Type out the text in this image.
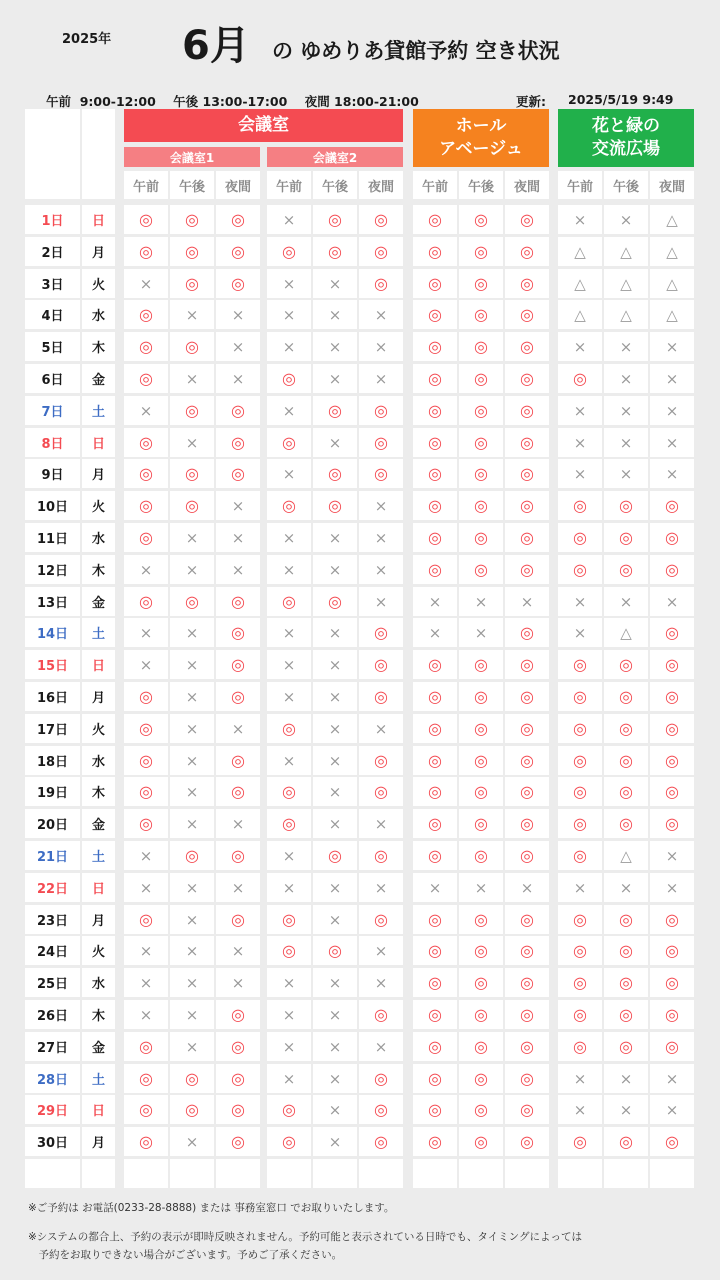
2025年 6月 の ゆめりあ貸館予約 空き状況
午前  9:00-12:00    午後 13:00-17:00    夜間 18:00-21:00	更新: 2025/5/19 9:49
会議室
会議室1	会議室2
ホール
アベージュ
花と緑の
交流広場
午前	午後	夜間	午前	午後	夜間	午前	午後	夜間	午前	午後	夜間
1日	日	◎	◎	◎	×	◎	◎	◎	◎	◎	×	×	△
2日	月	◎	◎	◎	◎	◎	◎	◎	◎	◎	△	△	△
3日	火	×	◎	◎	×	×	◎	◎	◎	◎	△	△	△
4日	水	◎	×	×	×	×	×	◎	◎	◎	△	△	△
5日	木	◎	◎	×	×	×	×	◎	◎	◎	×	×	×
6日	金	◎	×	×	◎	×	×	◎	◎	◎	◎	×	×
7日	土	×	◎	◎	×	◎	◎	◎	◎	◎	×	×	×
8日	日	◎	×	◎	◎	×	◎	◎	◎	◎	×	×	×
9日	月	◎	◎	◎	×	◎	◎	◎	◎	◎	×	×	×
10日	火	◎	◎	×	◎	◎	×	◎	◎	◎	◎	◎	◎
11日	水	◎	×	×	×	×	×	◎	◎	◎	◎	◎	◎
12日	木	×	×	×	×	×	×	◎	◎	◎	◎	◎	◎
13日	金	◎	◎	◎	◎	◎	×	×	×	×	×	×	×
14日	土	×	×	◎	×	×	◎	×	×	◎	×	△	◎
15日	日	×	×	◎	×	×	◎	◎	◎	◎	◎	◎	◎
16日	月	◎	×	◎	×	×	◎	◎	◎	◎	◎	◎	◎
17日	火	◎	×	×	◎	×	×	◎	◎	◎	◎	◎	◎
18日	水	◎	×	◎	×	×	◎	◎	◎	◎	◎	◎	◎
19日	木	◎	×	◎	◎	×	◎	◎	◎	◎	◎	◎	◎
20日	金	◎	×	×	◎	×	×	◎	◎	◎	◎	◎	◎
21日	土	×	◎	◎	×	◎	◎	◎	◎	◎	◎	△	×
22日	日	×	×	×	×	×	×	×	×	×	×	×	×
23日	月	◎	×	◎	◎	×	◎	◎	◎	◎	◎	◎	◎
24日	火	×	×	×	◎	◎	×	◎	◎	◎	◎	◎	◎
25日	水	×	×	×	×	×	×	◎	◎	◎	◎	◎	◎
26日	木	×	×	◎	×	×	◎	◎	◎	◎	◎	◎	◎
27日	金	◎	×	◎	×	×	×	◎	◎	◎	◎	◎	◎
28日	土	◎	◎	◎	×	×	◎	◎	◎	◎	×	×	×
29日	日	◎	◎	◎	◎	×	◎	◎	◎	◎	×	×	×
30日	月	◎	×	◎	◎	×	◎	◎	◎	◎	◎	◎	◎
※ご予約は お電話(0233-28-8888) または 事務室窓口 でお取りいたします。
※システムの都合上、予約の表示が即時反映されません。予約可能と表示されている日時でも、タイミングによっては
　予約をお取りできない場合がございます。予めご了承ください。
